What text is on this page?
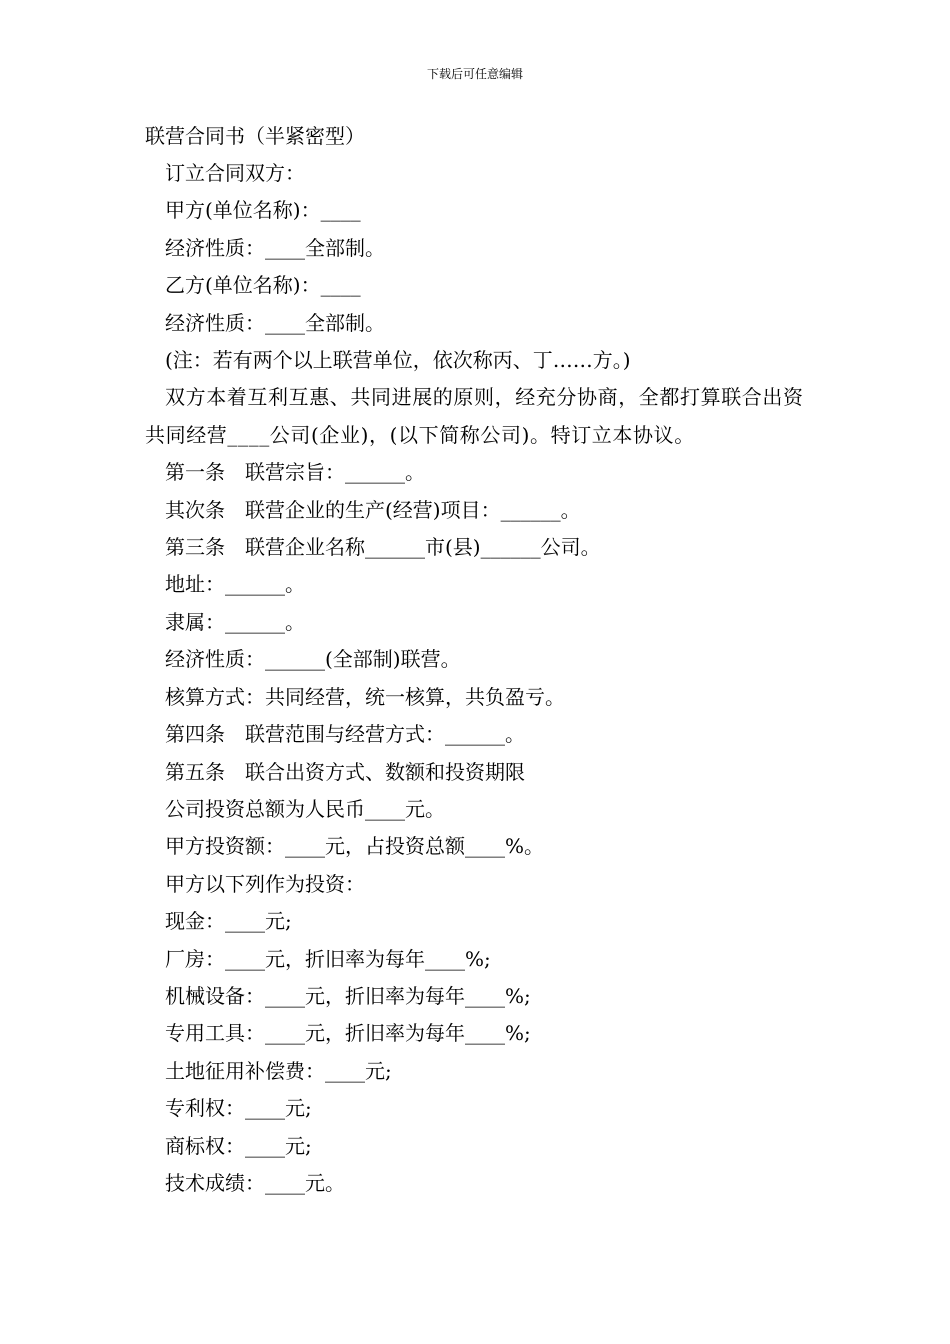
下载后可任意编辑
联营合同书（半紧密型）
订立合同双方：
甲方(单位名称)：____
经济性质：____全部制。
乙方(单位名称)：____
经济性质：____全部制。
(注：若有两个以上联营单位，依次称丙、丁……方。)
双方本着互利互惠、共同进展的原则，经充分协商，全都打算联合出资共同经营____公司(企业)，(以下简称公司)。特订立本协议。
第一条　联营宗旨：______。
其次条　联营企业的生产(经营)项目：______。
第三条　联营企业名称______市(县)______公司。
地址：______。
隶属：______。
经济性质：______(全部制)联营。
核算方式：共同经营，统一核算，共负盈亏。
第四条　联营范围与经营方式：______。
第五条　联合出资方式、数额和投资期限
公司投资总额为人民币____元。
甲方投资额：____元，占投资总额____%。
甲方以下列作为投资：
现金：____元;
厂房：____元，折旧率为每年____%;
机械设备：____元，折旧率为每年____%;
专用工具：____元，折旧率为每年____%;
土地征用补偿费：____元;
专利权：____元;
商标权：____元;
技术成绩：____元。
